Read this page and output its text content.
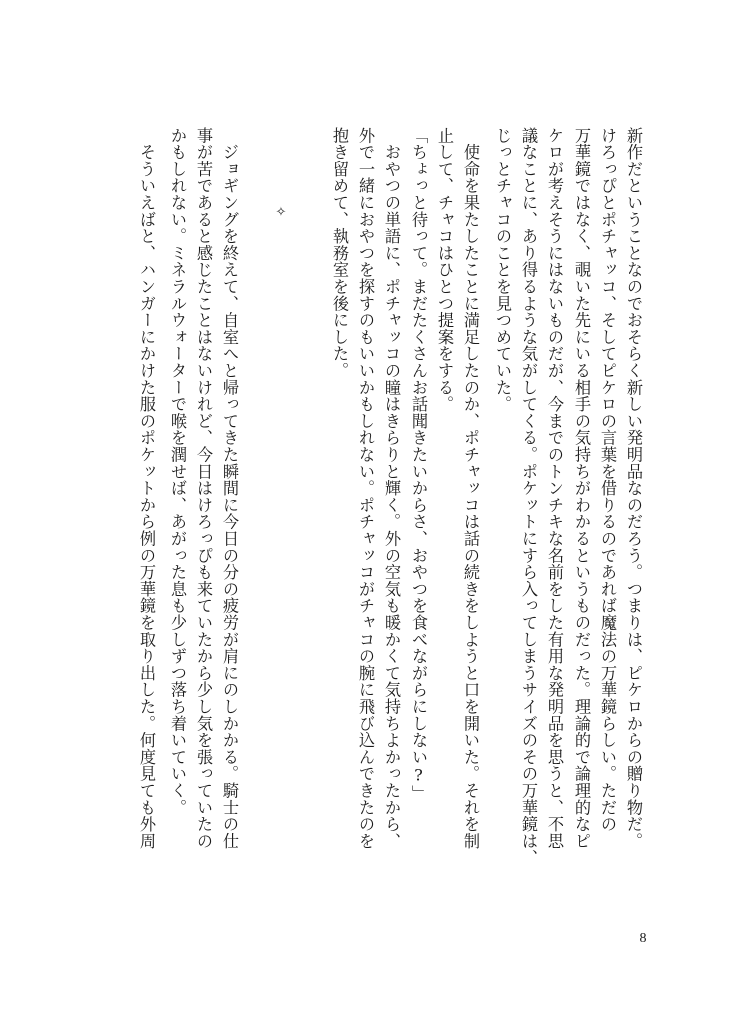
新作だということなのでおそらく新しい発明品なのだろう。つまりは、ピケロからの贈り物だ。
けろっぴとポチャッコ、そしてピケロの言葉を借りるのであれば魔法の万華鏡らしい。ただの
万華鏡ではなく、覗いた先にいる相手の気持ちがわかるというものだった。理論的で論理的なピ
ケロが考えそうにはないものだが、今までのトンチキな名前をした有用な発明品を思うと、不思
議なことに、あり得るような気がしてくる。ポケットにすら入ってしまうサイズのその万華鏡は、
じっとチャコのことを見つめていた。
　使命を果たしたことに満足したのか、ポチャッコは話の続きをしようと口を開いた。それを制
止して、チャコはひとつ提案をする。
「ちょっと待って。まだたくさんお話聞きたいからさ、おやつを食べながらにしない?」
　おやつの単語に、ポチャッコの瞳はきらりと輝く。外の空気も暖かくて気持ちよかったから、
外で一緒におやつを探すのもいいかもしれない。ポチャッコがチャコの腕に飛び込んできたのを
抱き留めて、執務室を後にした。
✧
　ジョギングを終えて、自室へと帰ってきた瞬間に今日の分の疲労が肩にのしかかる。騎士の仕
事が苦であると感じたことはないけれど、今日はけろっぴも来ていたから少し気を張っていたの
かもしれない。ミネラルウォーターで喉を潤せば、あがった息も少しずつ落ち着いていく。
　そういえばと、ハンガーにかけた服のポケットから例の万華鏡を取り出した。何度見ても外周
8
